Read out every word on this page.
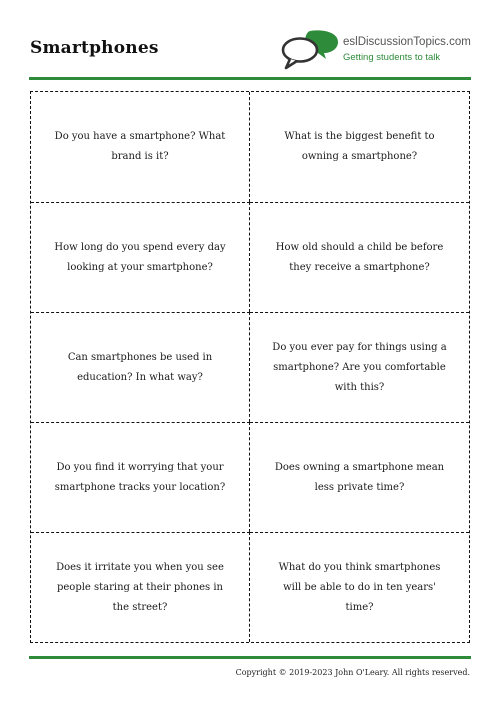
Smartphones	eslDiscussionTopics.com
Getting students to talk
Do you have a smartphone? What brand is it?
What is the biggest benefit to owning a smartphone?
How long do you spend every day looking at your smartphone?
How old should a child be before they receive a smartphone?
Can smartphones be used in education? In what way?
Do you ever pay for things using a smartphone? Are you comfortable with this?
Do you find it worrying that your smartphone tracks your location?
Does owning a smartphone mean less private time?
Does it irritate you when you see people staring at their phones in the street?
What do you think smartphones will be able to do in ten years' time?
Copyright © 2019-2023 John O'Leary. All rights reserved.
